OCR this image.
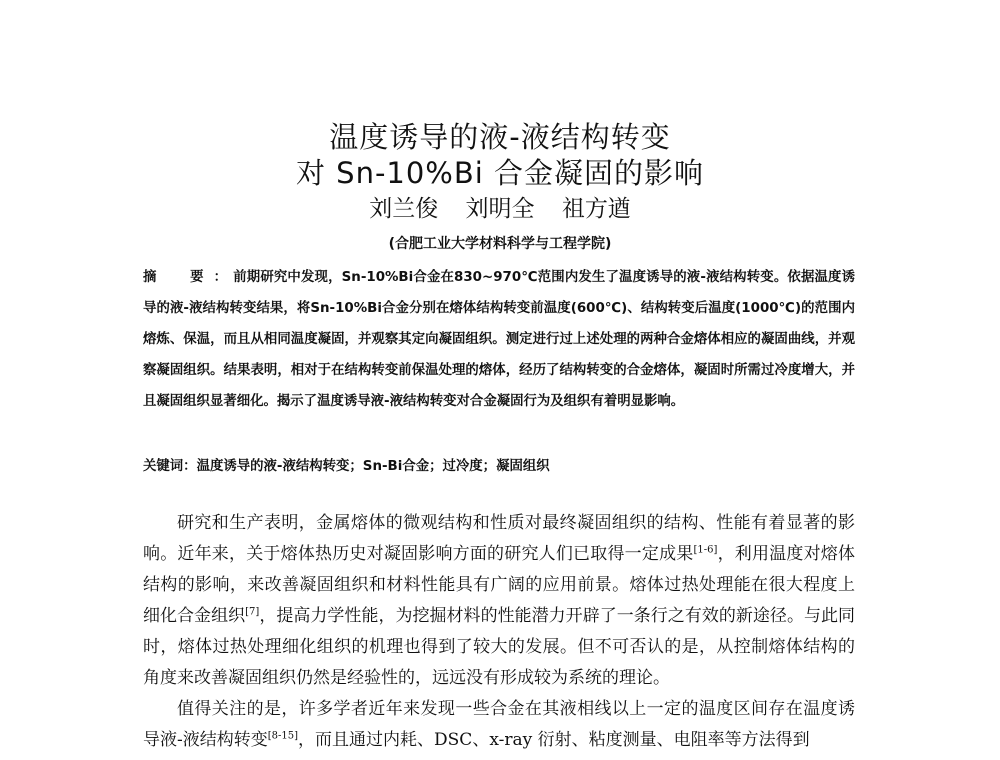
温度诱导的液-液结构转变
对 Sn-10%Bi 合金凝固的影响
刘兰俊 刘明全 祖方遒
(合肥工业大学材料科学与工程学院)

摘　要：前期研究中发现，Sn-10%Bi合金在830~970℃范围内发生了温度诱导的液-液结构转变。依据温度诱导的液-液结构转变结果，将Sn-10%Bi合金分别在熔体结构转变前温度(600℃)、结构转变后温度(1000℃)的范围内熔炼、保温，而且从相同温度凝固，并观察其定向凝固组织。测定进行过上述处理的两种合金熔体相应的凝固曲线，并观察凝固组织。结果表明，相对于在结构转变前保温处理的熔体，经历了结构转变的合金熔体，凝固时所需过冷度增大，并且凝固组织显著细化。揭示了温度诱导液-液结构转变对合金凝固行为及组织有着明显影响。

关键词：温度诱导的液-液结构转变；Sn-Bi合金；过冷度；凝固组织

研究和生产表明，金属熔体的微观结构和性质对最终凝固组织的结构、性能有着显著的影响。近年来，关于熔体热历史对凝固影响方面的研究人们已取得一定成果[1-6]，利用温度对熔体结构的影响，来改善凝固组织和材料性能具有广阔的应用前景。熔体过热处理能在很大程度上细化合金组织[7]，提高力学性能，为挖掘材料的性能潜力开辟了一条行之有效的新途径。与此同时，熔体过热处理细化组织的机理也得到了较大的发展。但不可否认的是，从控制熔体结构的角度来改善凝固组织仍然是经验性的，远远没有形成较为系统的理论。

值得关注的是，许多学者近年来发现一些合金在其液相线以上一定的温度区间存在温度诱导液-液结构转变[8-15]，而且通过内耗、DSC、x-ray 衍射、粘度测量、电阻率等方法得到
